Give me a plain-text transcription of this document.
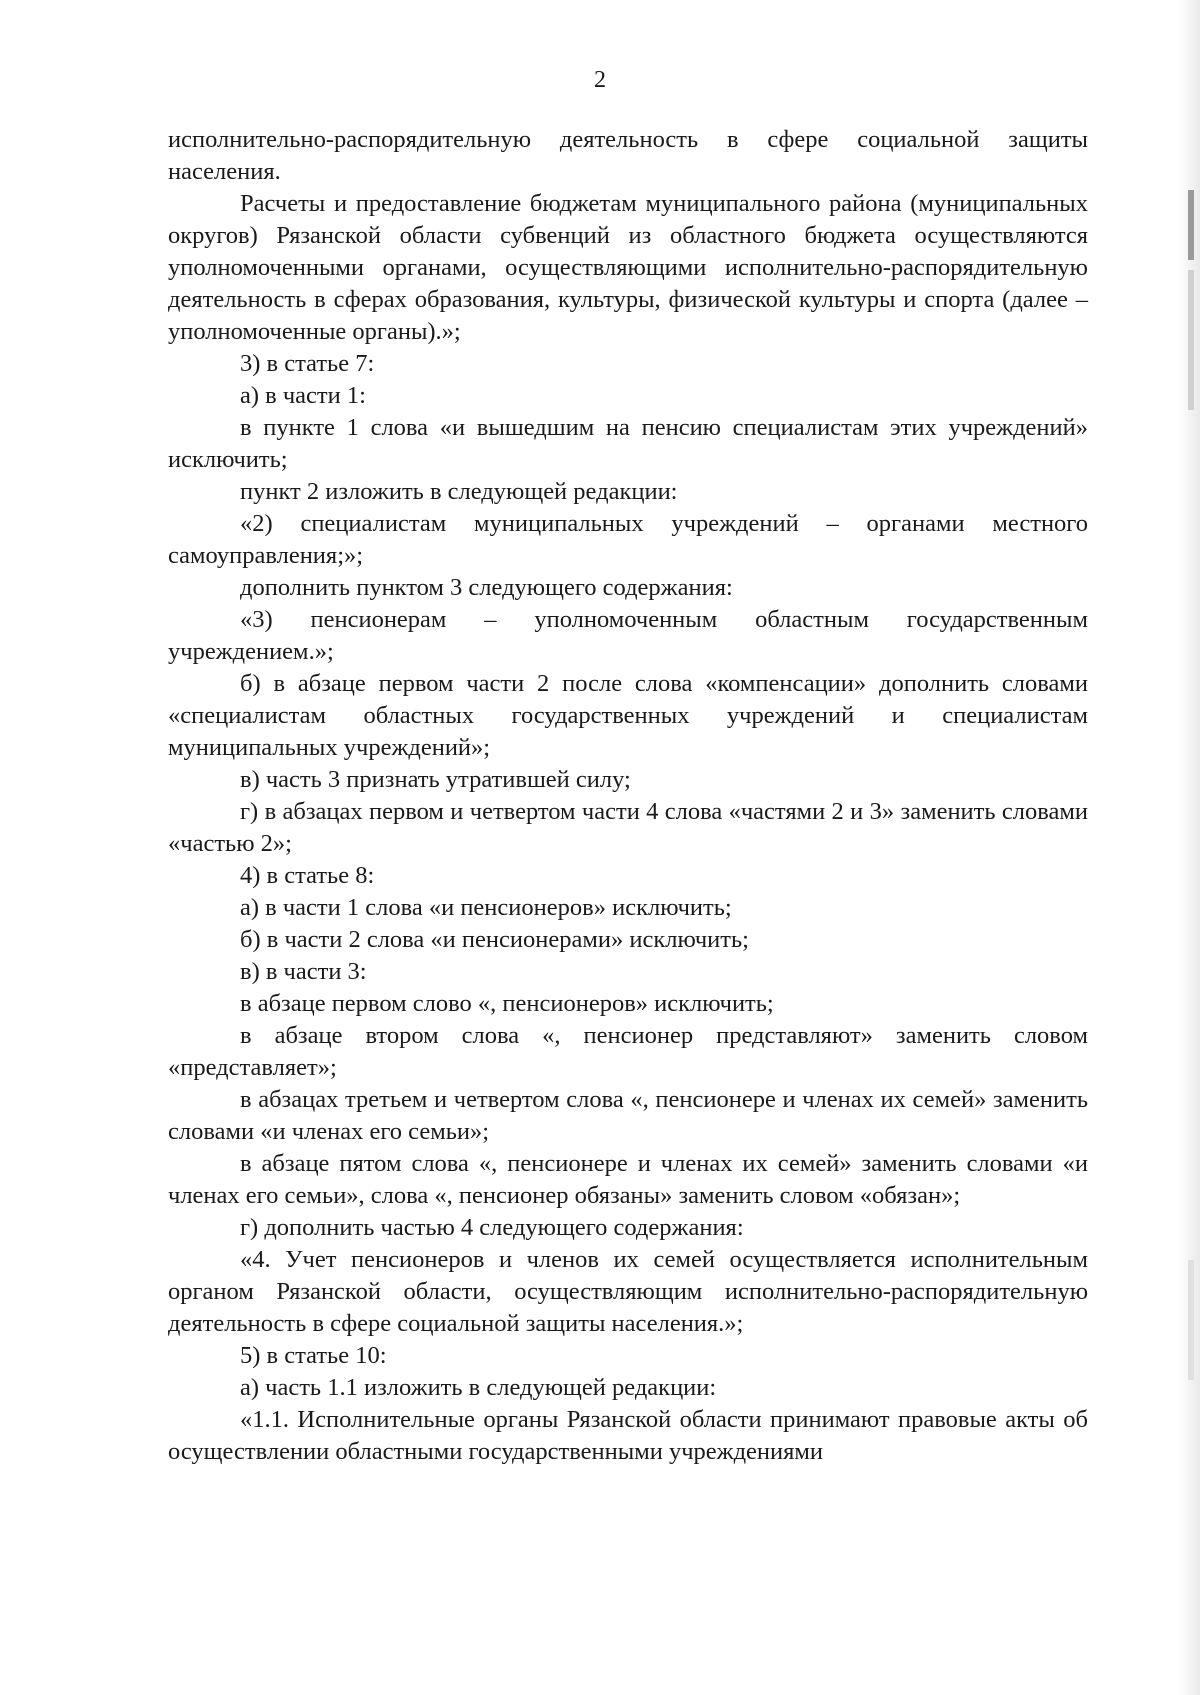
2

исполнительно-распорядительную деятельность в сфере социальной защиты населения.

Расчеты и предоставление бюджетам муниципального района (муниципальных округов) Рязанской области субвенций из областного бюджета осуществляются уполномоченными органами, осуществляющими исполнительно-распорядительную деятельность в сферах образования, культуры, физической культуры и спорта (далее – уполномоченные органы).»;

3) в статье 7:

а) в части 1:

в пункте 1 слова «и вышедшим на пенсию специалистам этих учреждений» исключить;

пункт 2 изложить в следующей редакции:

«2) специалистам муниципальных учреждений – органами местного самоуправления;»;

дополнить пунктом 3 следующего содержания:

«3) пенсионерам – уполномоченным областным государственным учреждением.»;

б) в абзаце первом части 2 после слова «компенсации» дополнить словами «специалистам областных государственных учреждений и специалистам муниципальных учреждений»;

в) часть 3 признать утратившей силу;

г) в абзацах первом и четвертом части 4 слова «частями 2 и 3» заменить словами «частью 2»;

4) в статье 8:

а) в части 1 слова «и пенсионеров» исключить;

б) в части 2 слова «и пенсионерами» исключить;

в) в части 3:

в абзаце первом слово «, пенсионеров» исключить;

в абзаце втором слова «, пенсионер представляют» заменить словом «представляет»;

в абзацах третьем и четвертом слова «, пенсионере и членах их семей» заменить словами «и членах его семьи»;

в абзаце пятом слова «, пенсионере и членах их семей» заменить словами «и членах его семьи», слова «, пенсионер обязаны» заменить словом «обязан»;

г) дополнить частью 4 следующего содержания:

«4. Учет пенсионеров и членов их семей осуществляется исполнительным органом Рязанской области, осуществляющим исполнительно-распорядительную деятельность в сфере социальной защиты населения.»;

5) в статье 10:

а) часть 1.1 изложить в следующей редакции:

«1.1. Исполнительные органы Рязанской области принимают правовые акты об осуществлении областными государственными учреждениями
